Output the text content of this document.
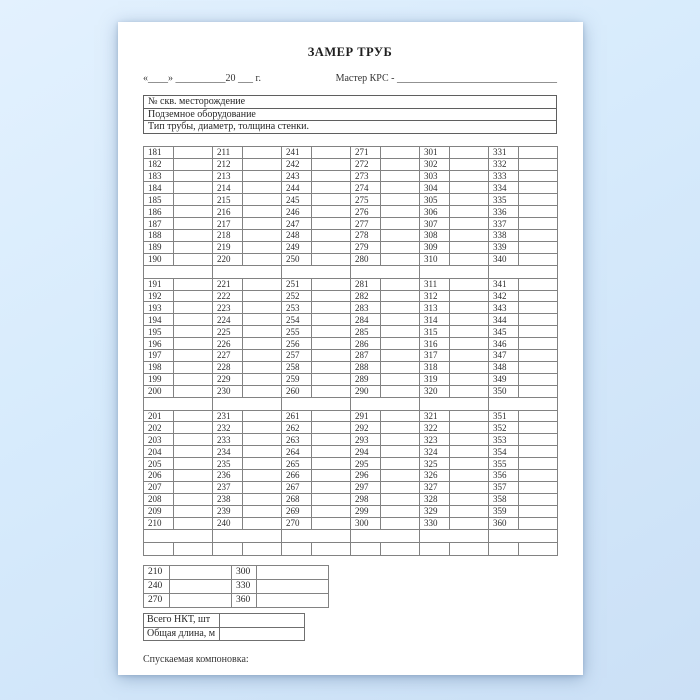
ЗАМЕР ТРУБ
«____» __________20 ___ г.	Мастер КРС - ________________________________
№ скв. месторождение
Подземное оборудование
Тип трубы, диаметр, толщина стенки.
181		211		241		271		301		331	
182		212		242		272		302		332	
183		213		243		273		303		333	
184		214		244		274		304		334	
185		215		245		275		305		335	
186		216		246		276		306		336	
187		217		247		277		307		337	
188		218		248		278		308		338	
189		219		249		279		309		339	
190		220		250		280		310		340	

191		221		251		281		311		341	
192		222		252		282		312		342	
193		223		253		283		313		343	
194		224		254		284		314		344	
195		225		255		285		315		345	
196		226		256		286		316		346	
197		227		257		287		317		347	
198		228		258		288		318		348	
199		229		259		289		319		349	
200		230		260		290		320		350	

201		231		261		291		321		351	
202		232		262		292		322		352	
203		233		263		293		323		353	
204		234		264		294		324		354	
205		235		265		295		325		355	
206		236		266		296		326		356	
207		237		267		297		327		357	
208		238		268		298		328		358	
209		239		269		299		329		359	
210		240		270		300		330		360	

210		300	
240		330	
270		360	
Всего НКТ, шт	
Общая длина, м	
Спускаемая компоновка:
